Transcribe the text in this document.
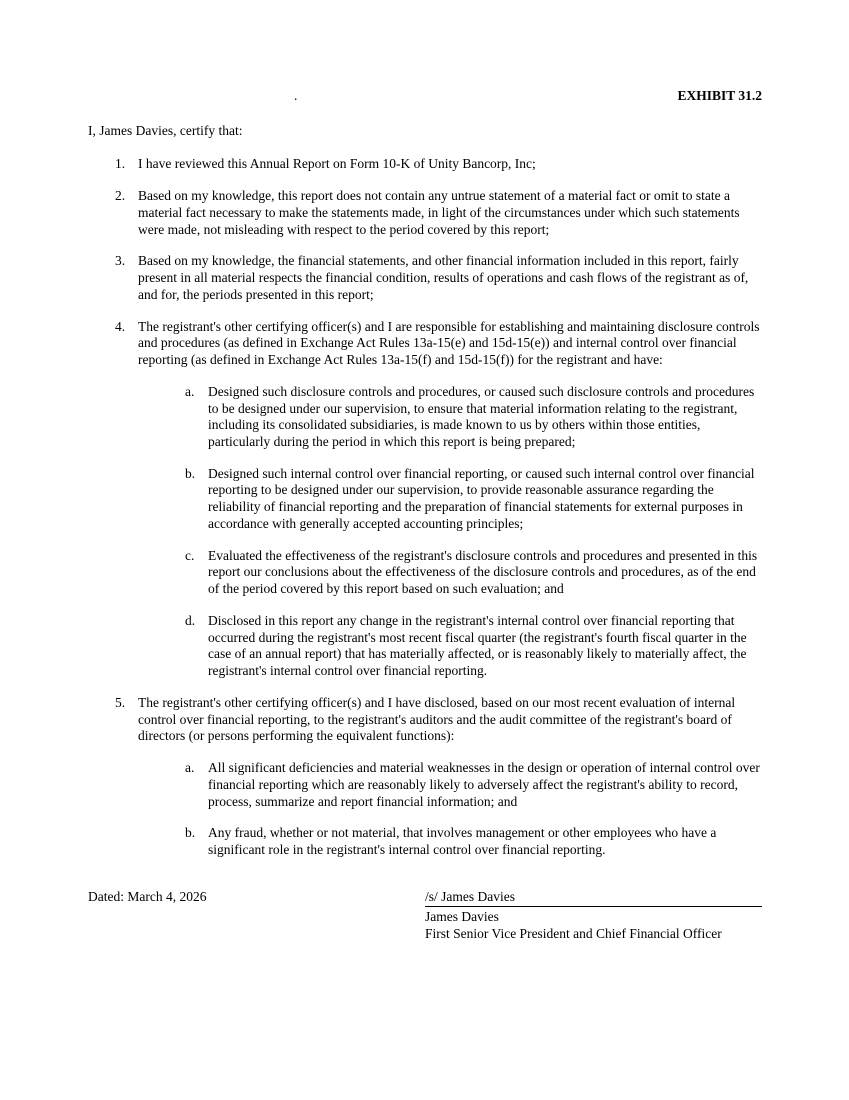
EXHIBIT 31.2
.

I, James Davies, certify that:

1. I have reviewed this Annual Report on Form 10-K of Unity Bancorp, Inc;
2. Based on my knowledge, this report does not contain any untrue statement of a material fact or omit to state a material fact necessary to make the statements made, in light of the circumstances under which such statements were made, not misleading with respect to the period covered by this report;
3. Based on my knowledge, the financial statements, and other financial information included in this report, fairly present in all material respects the financial condition, results of operations and cash flows of the registrant as of, and for, the periods presented in this report;
4. The registrant's other certifying officer(s) and I are responsible for establishing and maintaining disclosure controls and procedures (as defined in Exchange Act Rules 13a-15(e) and 15d-15(e)) and internal control over financial reporting (as defined in Exchange Act Rules 13a-15(f) and 15d-15(f)) for the registrant and have:
a.	Designed such disclosure controls and procedures, or caused such disclosure controls and procedures to be designed under our supervision, to ensure that material information relating to the registrant, including its consolidated subsidiaries, is made known to us by others within those entities, particularly during the period in which this report is being prepared;
b. Designed such internal control over financial reporting, or caused such internal control over financial reporting to be designed under our supervision, to provide reasonable assurance regarding the reliability of financial reporting and the preparation of financial statements for external purposes in accordance with generally accepted accounting principles;
c.	Evaluated the effectiveness of the registrant's disclosure controls and procedures and presented in this report our conclusions about the effectiveness of the disclosure controls and procedures, as of the end of the period covered by this report based on such evaluation; and
d. Disclosed in this report any change in the registrant's internal control over financial reporting that occurred during the registrant's most recent fiscal quarter (the registrant's fourth fiscal quarter in the case of an annual report) that has materially affected, or is reasonably likely to materially affect, the registrant's internal control over financial reporting.
5. The registrant's other certifying officer(s) and I have disclosed, based on our most recent evaluation of internal control over financial reporting, to the registrant's auditors and the audit committee of the registrant's board of directors (or persons performing the equivalent functions):
a.	All significant deficiencies and material weaknesses in the design or operation of internal control over financial reporting which are reasonably likely to adversely affect the registrant's ability to record, process, summarize and report financial information; and
b. Any fraud, whether or not material, that involves management or other employees who have a significant role in the registrant's internal control over financial reporting.
Dated: March 4, 2026	/s/ James Davies
James Davies
First Senior Vice President and Chief Financial Officer
